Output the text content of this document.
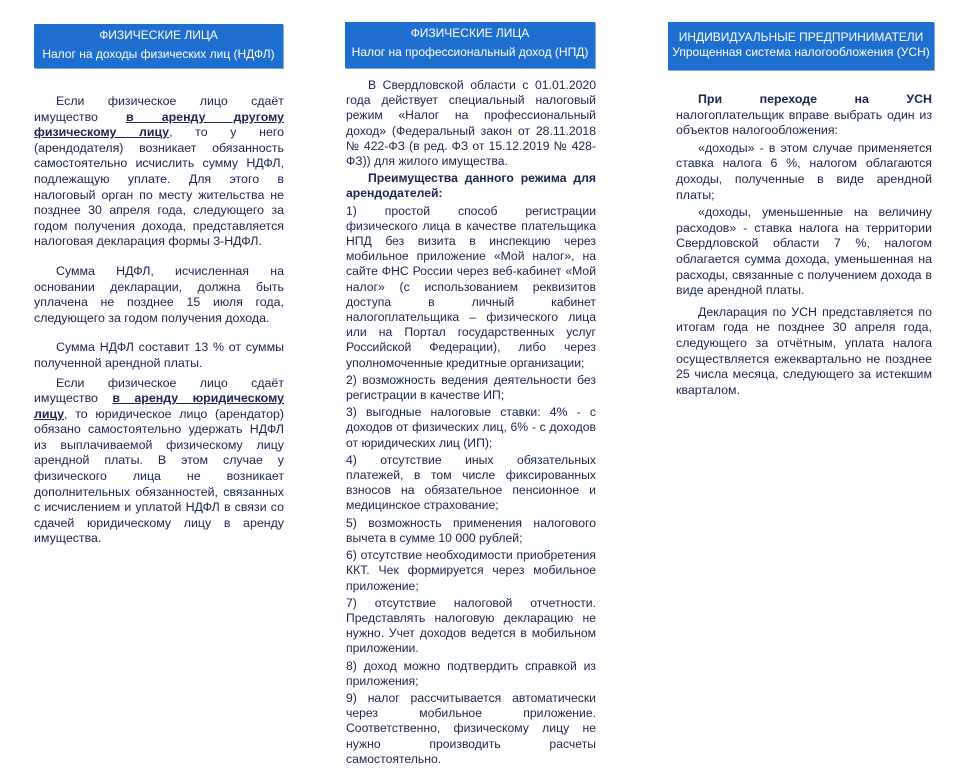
ФИЗИЧЕСКИЕ ЛИЦА
Налог на доходы физических лиц (НДФЛ)

Если физическое лицо сдаёт имущество в аренду другому физическому лицу, то у него (арендодателя) возникает обязанность самостоятельно исчислить сумму НДФЛ, подлежащую уплате. Для этого в налоговый орган по месту жительства не позднее 30 апреля года, следующего за годом получения дохода, представляется налоговая декларация формы 3-НДФЛ.

Сумма НДФЛ, исчисленная на основании декларации, должна быть уплачена не позднее 15 июля года, следующего за годом получения дохода.

Сумма НДФЛ составит 13 % от суммы полученной арендной платы.

Если физическое лицо сдаёт имущество в аренду юридическому лицу, то юридическое лицо (арендатор) обязано самостоятельно удержать НДФЛ из выплачиваемой физическому лицу арендной платы. В этом случае у физического лица не возникает дополнительных обязанностей, связанных с исчислением и уплатой НДФЛ в связи со сдачей юридическому лицу в аренду имущества.

ФИЗИЧЕСКИЕ ЛИЦА
Налог на профессиональный доход (НПД)

В Свердловской области с 01.01.2020 года действует специальный налоговый режим «Налог на профессиональный доход» (Федеральный закон от 28.11.2018 № 422-ФЗ (в ред. ФЗ от 15.12.2019 № 428-ФЗ)) для жилого имущества.

Преимущества данного режима для арендодателей:

1) простой способ регистрации физического лица в качестве плательщика НПД без визита в инспекцию через мобильное приложение «Мой налог», на сайте ФНС России через веб-кабинет «Мой налог» (с использованием реквизитов доступа в личный кабинет налогоплательщика – физического лица или на Портал государственных услуг Российской Федерации), либо через уполномоченные кредитные организации;

2) возможность ведения деятельности без регистрации в качестве ИП;

3) выгодные налоговые ставки: 4% - с доходов от физических лиц, 6% - с доходов от юридических лиц (ИП);

4) отсутствие иных обязательных платежей, в том числе фиксированных взносов на обязательное пенсионное и медицинское страхование;

5) возможность применения налогового вычета в сумме 10 000 рублей;

6) отсутствие необходимости приобретения ККТ. Чек формируется через мобильное приложение;

7) отсутствие налоговой отчетности. Представлять налоговую декларацию не нужно. Учет доходов ведется в мобильном приложении.

8) доход можно подтвердить справкой из приложения;

9) налог рассчитывается автоматически через мобильное приложение. Соответственно, физическому лицу не нужно производить расчеты самостоятельно.

ИНДИВИДУАЛЬНЫЕ ПРЕДПРИНИМАТЕЛИ
Упрощенная система налогообложения (УСН)

При переходе на УСН налогоплательщик вправе выбрать один из объектов налогообложения:

«доходы» - в этом случае применяется ставка налога 6 %, налогом облагаются доходы, полученные в виде арендной платы;

«доходы, уменьшенные на величину расходов» - ставка налога на территории Свердловской области 7 %, налогом облагается сумма дохода, уменьшенная на расходы, связанные с получением дохода в виде арендной платы.

Декларация по УСН представляется по итогам года не позднее 30 апреля года, следующего за отчётным, уплата налога осуществляется ежеквартально не позднее 25 числа месяца, следующего за истекшим кварталом.
